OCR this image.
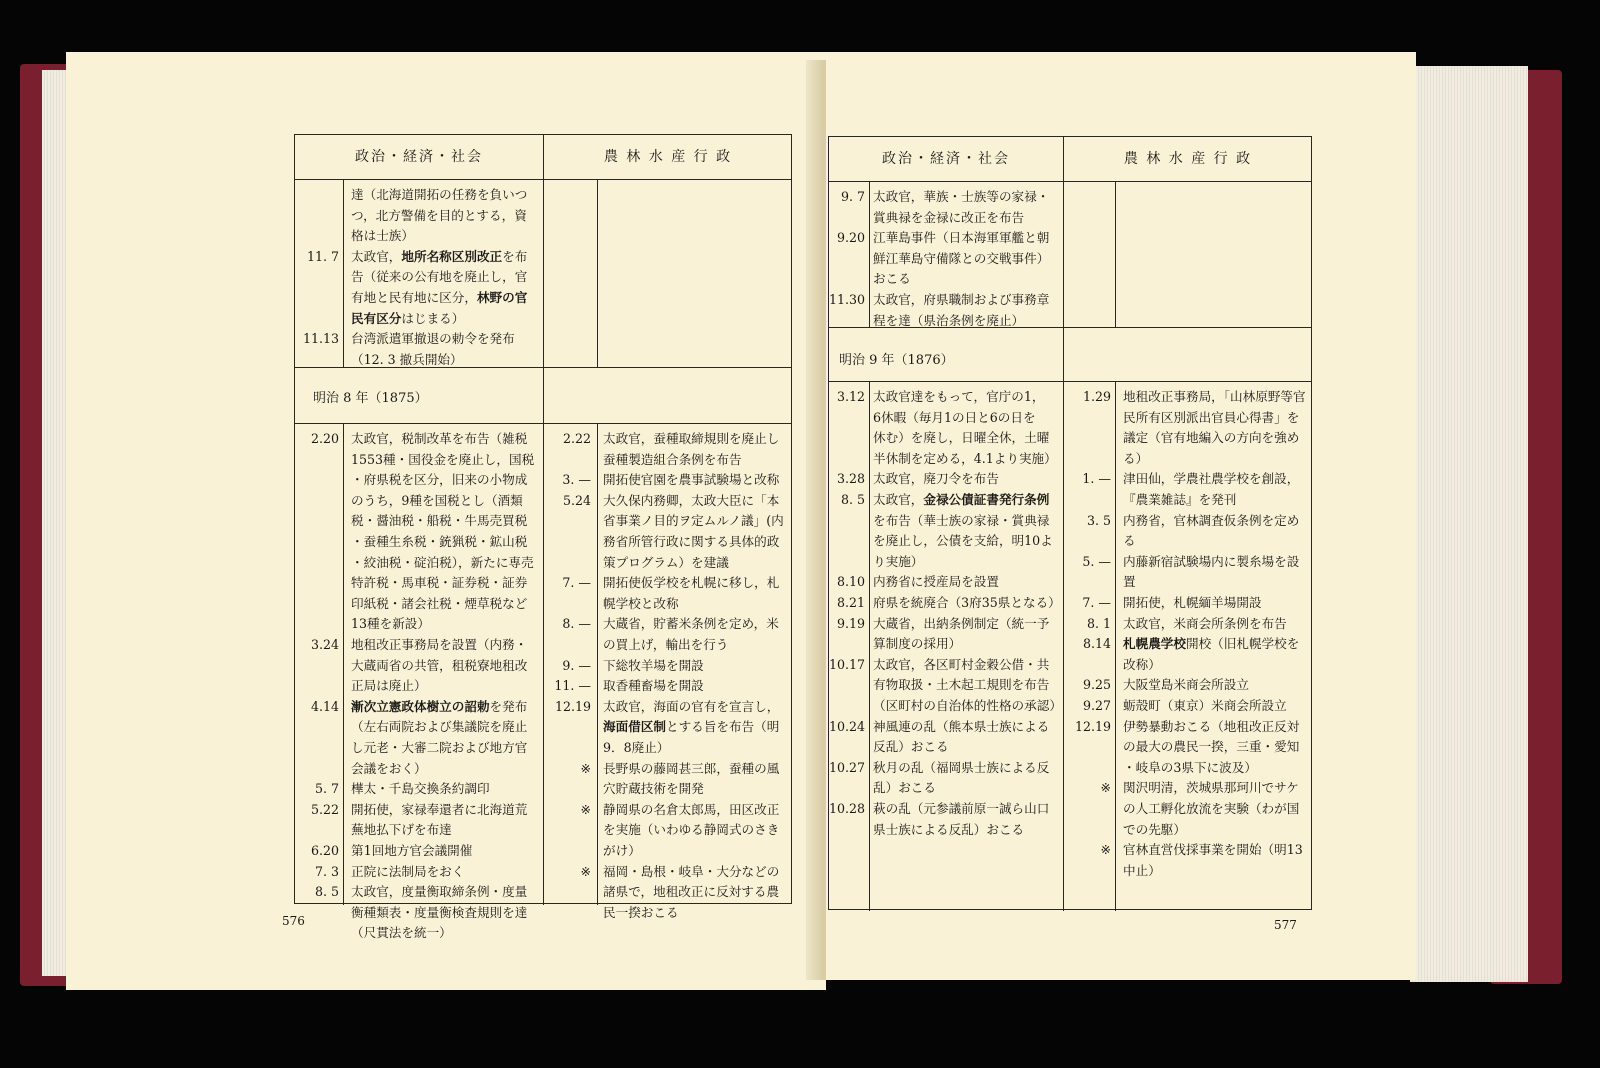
政治・経済・社会	農 林 水 産 行 政
明治 8 年（1875）
達（北海道開拓の任務を負いつ
つ，北方警備を目的とする，資
格は士族）
11. 7 太政官，地所名称区別改正を布
告（従来の公有地を廃止し，官
有地と民有地に区分，林野の官
民有区分はじまる）
11.13 台湾派遣軍撤退の勅令を発布
（12. 3 撤兵開始）
2.20 太政官，税制改革を布告（雑税
1553種・国役金を廃止し，国税
・府県税を区分，旧来の小物成
のうち，9種を国税とし（酒類
税・醤油税・船税・牛馬売買税
・蚕種生糸税・銃猟税・鉱山税
・絞油税・碇泊税），新たに専売
特許税・馬車税・証券税・証券
印紙税・諸会社税・煙草税など
13種を新設）
3.24 地租改正事務局を設置（内務・
大蔵両省の共管，租税寮地租改
正局は廃止）
4.14 漸次立憲政体樹立の詔勅を発布
（左右両院および集議院を廃止
し元老・大審二院および地方官
会議をおく）
5. 7 樺太・千島交換条約調印
5.22 開拓使，家禄奉還者に北海道荒
蕪地払下げを布達
6.20 第1回地方官会議開催
7. 3 正院に法制局をおく
8. 5 太政官，度量衡取締条例・度量
衡種類表・度量衡検査規則を達
（尺貫法を統一）
2.22 太政官，蚕種取締規則を廃止し
蚕種製造組合条例を布告
3. — 開拓使官園を農事試験場と改称
5.24 大久保内務卿，太政大臣に「本
省事業ノ目的ヲ定ムルノ議」(内
務省所管行政に関する具体的政
策プログラム）を建議
7. — 開拓使仮学校を札幌に移し，札
幌学校と改称
8. — 大蔵省，貯蓄米条例を定め，米
の買上げ，輸出を行う
9. — 下総牧羊場を開設
11. — 取香種畜場を開設
12.19 太政官，海面の官有を宣言し，
海面借区制とする旨を布告（明
9．8廃止）
※ 長野県の藤岡甚三郎，蚕種の風
穴貯蔵技術を開発
※ 静岡県の名倉太郎馬，田区改正
を実施（いわゆる静岡式のさき
がけ）
※ 福岡・島根・岐阜・大分などの
諸県で，地租改正に反対する農
民一揆おこる
576
政治・経済・社会	農 林 水 産 行 政
明治 9 年（1876）
9. 7 太政官，華族・士族等の家禄・
賞典禄を金禄に改正を布告
9.20 江華島事件（日本海軍軍艦と朝
鮮江華島守備隊との交戦事件）
おこる
11.30 太政官，府県職制および事務章
程を達（県治条例を廃止）
3.12 太政官達をもって，官庁の1，
6休暇（毎月1の日と6の日を
休む）を廃し，日曜全休，土曜
半休制を定める，4.1より実施）
3.28 太政官，廃刀令を布告
8. 5 太政官，金禄公債証書発行条例
を布告（華士族の家禄・賞典禄
を廃止し，公債を支給，明10よ
り実施）
8.10 内務省に授産局を設置
8.21 府県を統廃合（3府35県となる）
9.19 大蔵省，出納条例制定（統一予
算制度の採用）
10.17 太政官，各区町村金穀公借・共
有物取扱・土木起工規則を布告
（区町村の自治体的性格の承認）
10.24 神風連の乱（熊本県士族による
反乱）おこる
10.27 秋月の乱（福岡県士族による反
乱）おこる
10.28 萩の乱（元参議前原一誠ら山口
県士族による反乱）おこる
1.29 地租改正事務局，「山林原野等官
民所有区別派出官員心得書」を
議定（官有地編入の方向を強め
る）
1. — 津田仙，学農社農学校を創設，
『農業雑誌』を発刊
3. 5 内務省，官林調査仮条例を定め
る
5. — 内藤新宿試験場内に製糸場を設
置
7. — 開拓使，札幌緬羊場開設
8. 1 太政官，米商会所条例を布告
8.14 札幌農学校開校（旧札幌学校を
改称）
9.25 大阪堂島米商会所設立
9.27 蛎殻町（東京）米商会所設立
12.19 伊勢暴動おこる（地租改正反対
の最大の農民一揆，三重・愛知
・岐阜の3県下に波及）
※ 関沢明清，茨城県那珂川でサケ
の人工孵化放流を実験（わが国
での先駆）
※ 官林直営伐採事業を開始（明13
中止）
577
